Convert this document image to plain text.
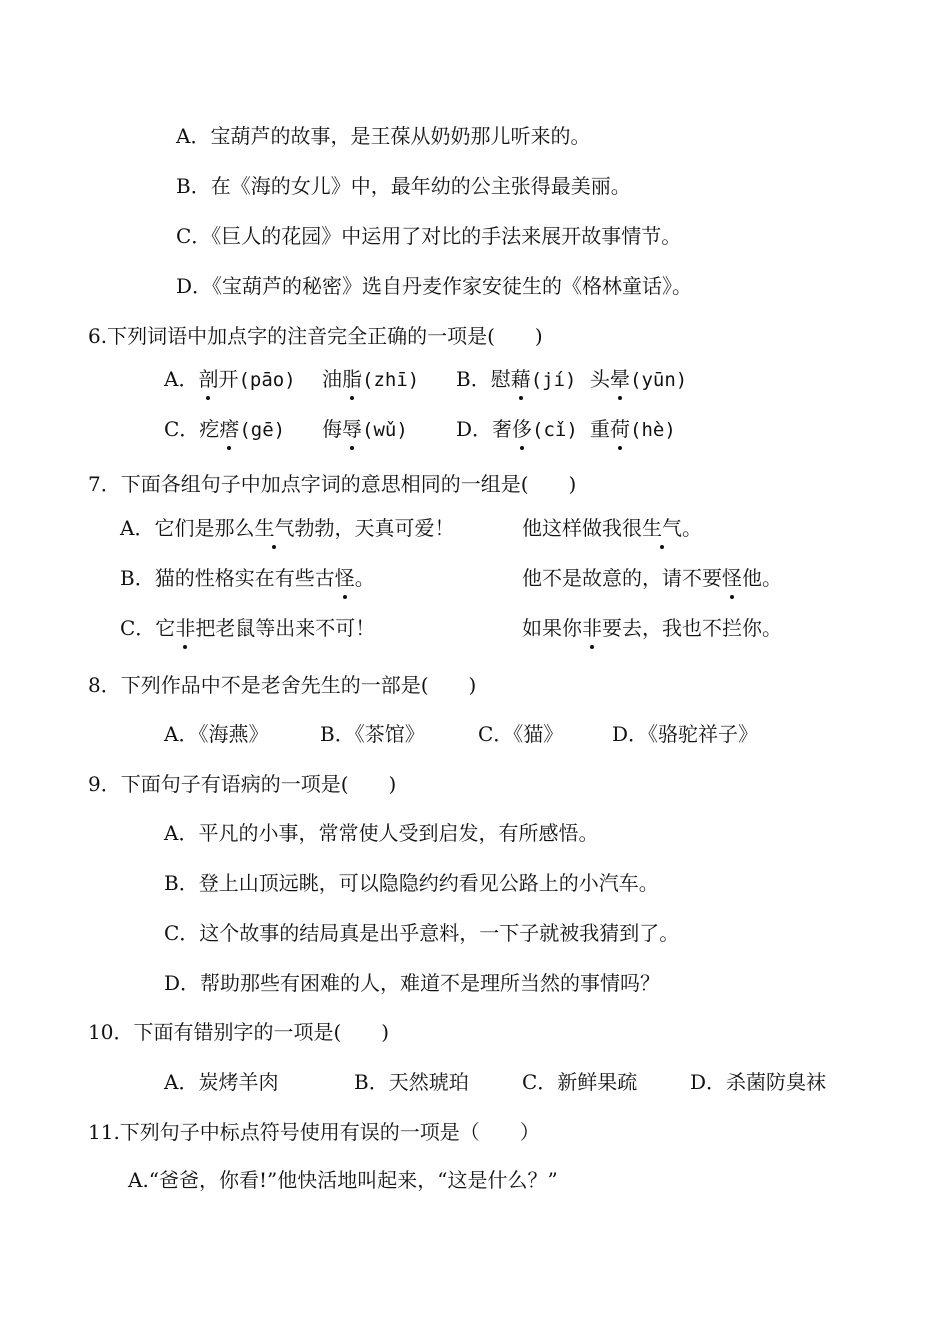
A．宝葫芦的故事，是王葆从奶奶那儿听来的。
B．在《海的女儿》中，最年幼的公主张得最美丽。
C．《巨人的花园》中运用了对比的手法来展开故事情节。
D．《宝葫芦的秘密》选自丹麦作家安徒生的《格林童话》。
6.下列词语中加点字的注音完全正确的一项是(　　)
A．剖开(pāo) 油脂(zhī) B．慰藉(jí) 头晕(yūn)
C．疙瘩(gē) 侮辱(wǔ) D．奢侈(cǐ) 重荷(hè)
7．下面各组句子中加点字词的意思相同的一组是(　　)
A．它们是那么生气勃勃，天真可爱！	他这样做我很生气。
B．猫的性格实在有些古怪。	他不是故意的，请不要怪他。
C．它非把老鼠等出来不可！	如果你非要去，我也不拦你。
8．下列作品中不是老舍先生的一部是(　　)
A．《海燕》	B．《茶馆》	C．《猫》 D．《骆驼祥子》
9．下面句子有语病的一项是(　　)
A．平凡的小事，常常使人受到启发，有所感悟。
B．登上山顶远眺，可以隐隐约约看见公路上的小汽车。
C．这个故事的结局真是出乎意料，一下子就被我猜到了。
D．帮助那些有困难的人，难道不是理所当然的事情吗？
10．下面有错别字的一项是(　　)
A．炭烤羊肉	B．天然琥珀	C．新鲜果疏	D．杀菌防臭袜
11.下列句子中标点符号使用有误的一项是（　　）
A.“爸爸，你看!”他快活地叫起来，“这是什么？”
